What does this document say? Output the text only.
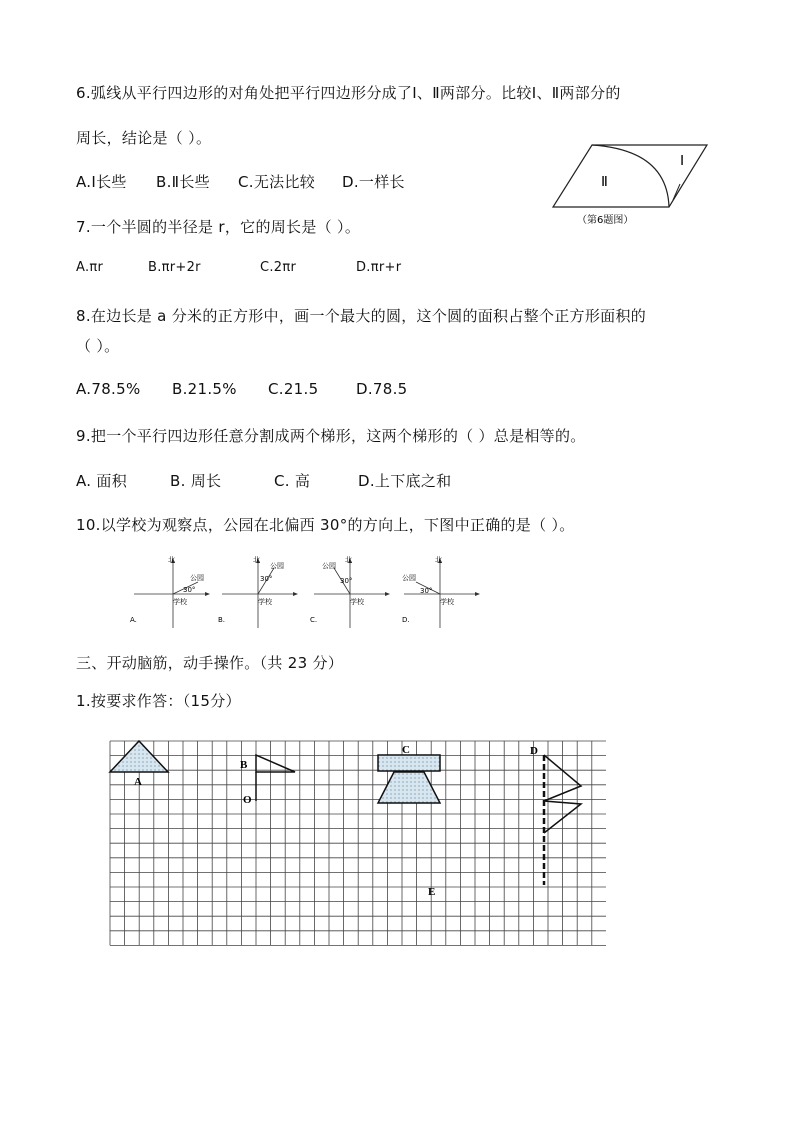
6.弧线从平行四边形的对角处把平行四边形分成了Ⅰ、Ⅱ两部分。比较Ⅰ、Ⅱ两部分的
周长，结论是（ ）。
A.Ⅰ长些 B.Ⅱ长些 C.无法比较 D.一样长
Ⅰ
Ⅱ
（第6题图）
7.一个半圆的半径是 r，它的周长是（ ）。
A.πr	B.πr+2r	C.2πr	D.πr+r
8.在边长是 a 分米的正方形中，画一个最大的圆，这个圆的面积占整个正方形面积的
（ ）。
A.78.5% B.21.5% C.21.5	D.78.5
9.把一个平行四边形任意分割成两个梯形，这两个梯形的（ ）总是相等的。
A. 面积	B. 周长	C. 高	D.上下底之和
10.以学校为观察点，公园在北偏西 30°的方向上，下图中正确的是（ ）。
北
公园
30°
学校
A.
北
公园
30°
学校
B.
北
公园
30°
学校
C.
北
公园
30°
学校
D.
三、开动脑筋，动手操作。（共 23 分）
1.按要求作答：（15分）
A
B
O
C	D
E
